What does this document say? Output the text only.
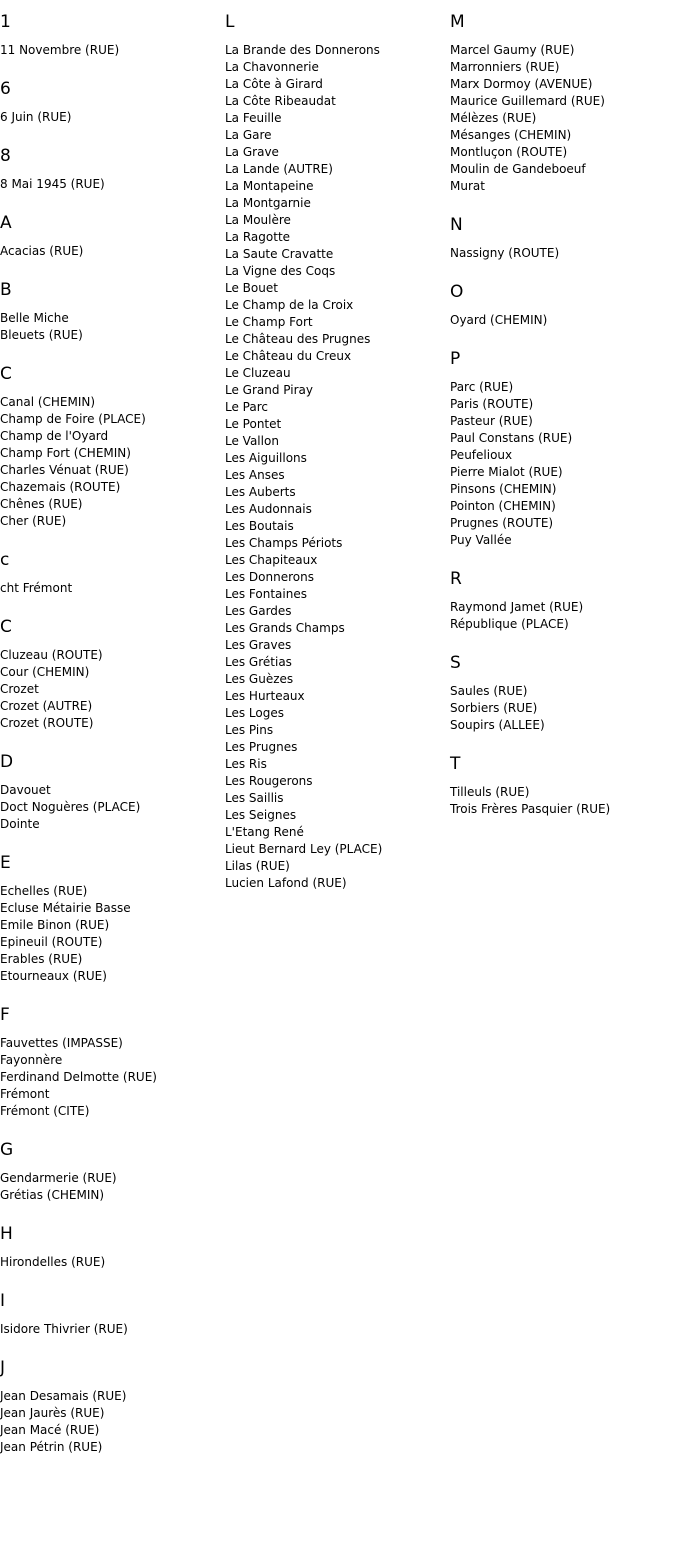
1
11 Novembre (RUE)
6
6 Juin (RUE)
8
8 Mai 1945 (RUE)
A
Acacias (RUE)
B
Belle Miche
Bleuets (RUE)
C
Canal (CHEMIN)
Champ de Foire (PLACE)
Champ de l'Oyard
Champ Fort (CHEMIN)
Charles Vénuat (RUE)
Chazemais (ROUTE)
Chênes (RUE)
Cher (RUE)
c
cht Frémont
C
Cluzeau (ROUTE)
Cour (CHEMIN)
Crozet
Crozet (AUTRE)
Crozet (ROUTE)
D
Davouet
Doct Noguères (PLACE)
Dointe
E
Echelles (RUE)
Ecluse Métairie Basse
Emile Binon (RUE)
Epineuil (ROUTE)
Erables (RUE)
Etourneaux (RUE)
F
Fauvettes (IMPASSE)
Fayonnère
Ferdinand Delmotte (RUE)
Frémont
Frémont (CITE)
G
Gendarmerie (RUE)
Grétias (CHEMIN)
H
Hirondelles (RUE)
I
Isidore Thivrier (RUE)
J
Jean Desamais (RUE)
Jean Jaurès (RUE)
Jean Macé (RUE)
Jean Pétrin (RUE)
L
La Brande des Donnerons
La Chavonnerie
La Côte à Girard
La Côte Ribeaudat
La Feuille
La Gare
La Grave
La Lande (AUTRE)
La Montapeine
La Montgarnie
La Moulère
La Ragotte
La Saute Cravatte
La Vigne des Coqs
Le Bouet
Le Champ de la Croix
Le Champ Fort
Le Château des Prugnes
Le Château du Creux
Le Cluzeau
Le Grand Piray
Le Parc
Le Pontet
Le Vallon
Les Aiguillons
Les Anses
Les Auberts
Les Audonnais
Les Boutais
Les Champs Périots
Les Chapiteaux
Les Donnerons
Les Fontaines
Les Gardes
Les Grands Champs
Les Graves
Les Grétias
Les Guèzes
Les Hurteaux
Les Loges
Les Pins
Les Prugnes
Les Ris
Les Rougerons
Les Saillis
Les Seignes
L'Etang René
Lieut Bernard Ley (PLACE)
Lilas (RUE)
Lucien Lafond (RUE)
M
Marcel Gaumy (RUE)
Marronniers (RUE)
Marx Dormoy (AVENUE)
Maurice Guillemard (RUE)
Mélèzes (RUE)
Mésanges (CHEMIN)
Montluçon (ROUTE)
Moulin de Gandeboeuf
Murat
N
Nassigny (ROUTE)
O
Oyard (CHEMIN)
P
Parc (RUE)
Paris (ROUTE)
Pasteur (RUE)
Paul Constans (RUE)
Peufelioux
Pierre Mialot (RUE)
Pinsons (CHEMIN)
Pointon (CHEMIN)
Prugnes (ROUTE)
Puy Vallée
R
Raymond Jamet (RUE)
République (PLACE)
S
Saules (RUE)
Sorbiers (RUE)
Soupirs (ALLEE)
T
Tilleuls (RUE)
Trois Frères Pasquier (RUE)
